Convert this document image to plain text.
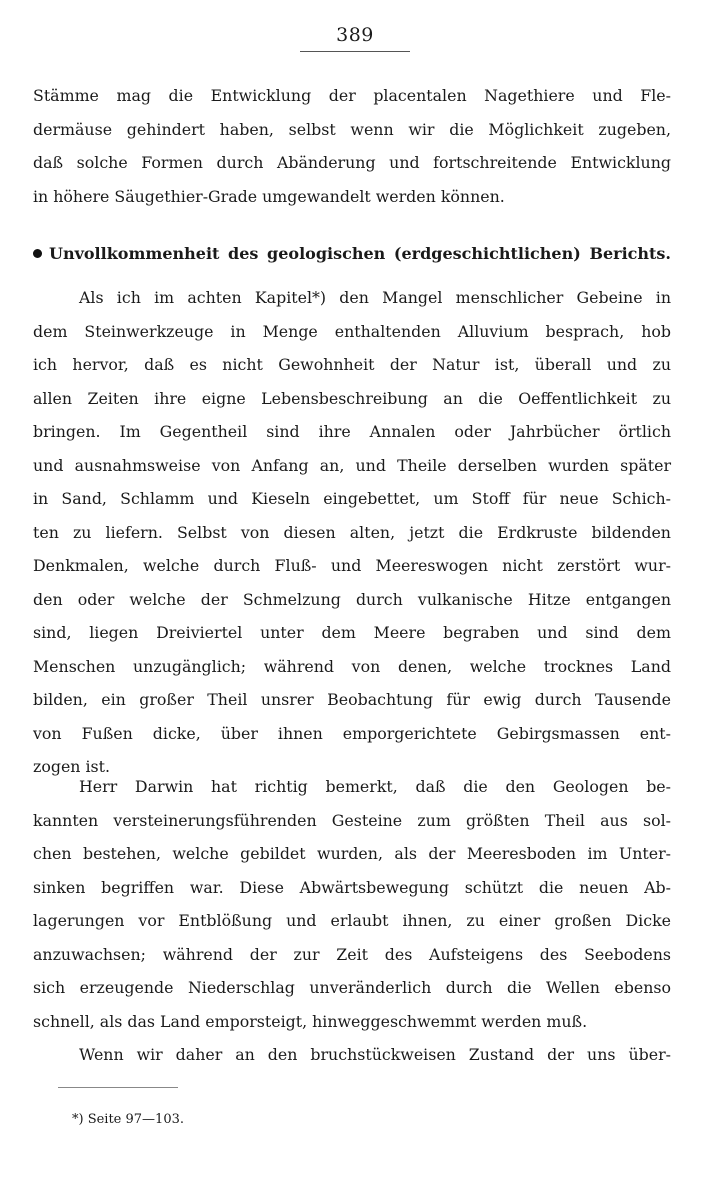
389
Stämme mag die Entwicklung der placentalen Nagethiere und Fle-
dermäuse gehindert haben, selbst wenn wir die Möglichkeit zugeben,
daß solche Formen durch Abänderung und fortschreitende Entwicklung
in höhere Säugethier-Grade umgewandelt werden können.
Unvollkommenheit des geologischen (erdgeschichtlichen) Berichts.
Als ich im achten Kapitel*) den Mangel menschlicher Gebeine in
dem Steinwerkzeuge in Menge enthaltenden Alluvium besprach, hob
ich hervor, daß es nicht Gewohnheit der Natur ist, überall und zu
allen Zeiten ihre eigne Lebensbeschreibung an die Oeffentlichkeit zu
bringen. Im Gegentheil sind ihre Annalen oder Jahrbücher örtlich
und ausnahmsweise von Anfang an, und Theile derselben wurden später
in Sand, Schlamm und Kieseln eingebettet, um Stoff für neue Schich-
ten zu liefern. Selbst von diesen alten, jetzt die Erdkruste bildenden
Denkmalen, welche durch Fluß- und Meereswogen nicht zerstört wur-
den oder welche der Schmelzung durch vulkanische Hitze entgangen
sind, liegen Dreiviertel unter dem Meere begraben und sind dem
Menschen unzugänglich; während von denen, welche trocknes Land
bilden, ein großer Theil unsrer Beobachtung für ewig durch Tausende
von Fußen dicke, über ihnen emporgerichtete Gebirgsmassen ent-
zogen ist.
Herr Darwin hat richtig bemerkt, daß die den Geologen be-
kannten versteinerungsführenden Gesteine zum größten Theil aus sol-
chen bestehen, welche gebildet wurden, als der Meeresboden im Unter-
sinken begriffen war. Diese Abwärtsbewegung schützt die neuen Ab-
lagerungen vor Entblößung und erlaubt ihnen, zu einer großen Dicke
anzuwachsen; während der zur Zeit des Aufsteigens des Seebodens
sich erzeugende Niederschlag unveränderlich durch die Wellen ebenso
schnell, als das Land emporsteigt, hinweggeschwemmt werden muß.
Wenn wir daher an den bruchstückweisen Zustand der uns über-
*) Seite 97—103.
